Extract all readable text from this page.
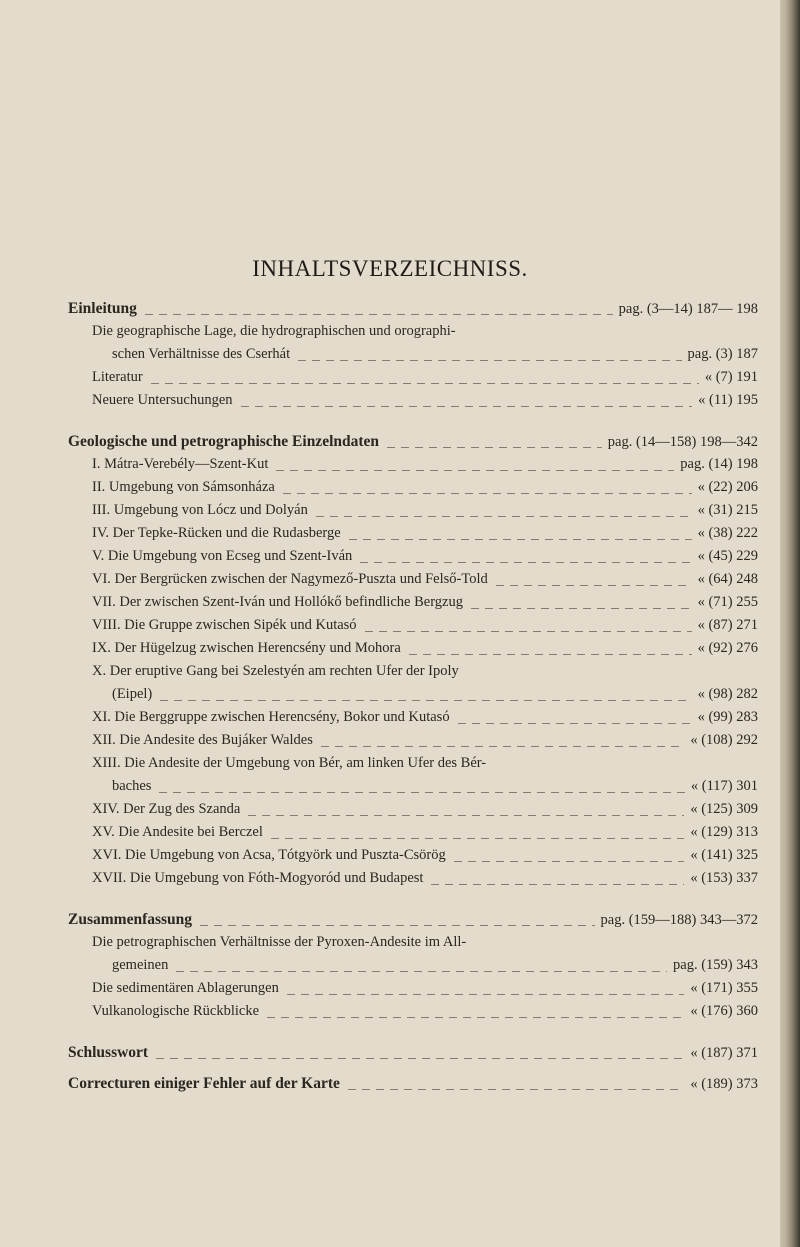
INHALTSVERZEICHNISS.
Einleitung	pag. (3—14) 187— 198
Die geographische Lage, die hydrographischen und orographi-
schen Verhältnisse des Cserhát	pag. (3) 187
Literatur	« (7) 191
Neuere Untersuchungen	« (11) 195
Geologische und petrographische Einzelndaten	pag. (14—158) 198—342
I. Mátra-Verebély—Szent-Kut	pag. (14) 198
II. Umgebung von Sámsonháza	« (22) 206
III. Umgebung von Lócz und Dolyán	« (31) 215
IV. Der Tepke-Rücken und die Rudasberge	« (38) 222
V. Die Umgebung von Ecseg und Szent-Iván	« (45) 229
VI. Der Bergrücken zwischen der Nagymező-Puszta und Felső-Told	« (64) 248
VII. Der zwischen Szent-Iván und Hollókő befindliche Bergzug	« (71) 255
VIII. Die Gruppe zwischen Sipék und Kutasó	« (87) 271
IX. Der Hügelzug zwischen Herencsény und Mohora	« (92) 276
X. Der eruptive Gang bei Szelestyén am rechten Ufer der Ipoly
(Eipel)	« (98) 282
XI. Die Berggruppe zwischen Herencsény, Bokor und Kutasó	« (99) 283
XII. Die Andesite des Bujáker Waldes	« (108) 292
XIII. Die Andesite der Umgebung von Bér, am linken Ufer des Bér-
baches	« (117) 301
XIV. Der Zug des Szanda	« (125) 309
XV. Die Andesite bei Berczel	« (129) 313
XVI. Die Umgebung von Acsa, Tótgyörk und Puszta-Csörög	« (141) 325
XVII. Die Umgebung von Fóth-Mogyoród und Budapest	« (153) 337
Zusammenfassung	pag. (159—188) 343—372
Die petrographischen Verhältnisse der Pyroxen-Andesite im All-
gemeinen	pag. (159) 343
Die sedimentären Ablagerungen	« (171) 355
Vulkanologische Rückblicke	« (176) 360
Schlusswort	« (187) 371
Correcturen einiger Fehler auf der Karte	« (189) 373
